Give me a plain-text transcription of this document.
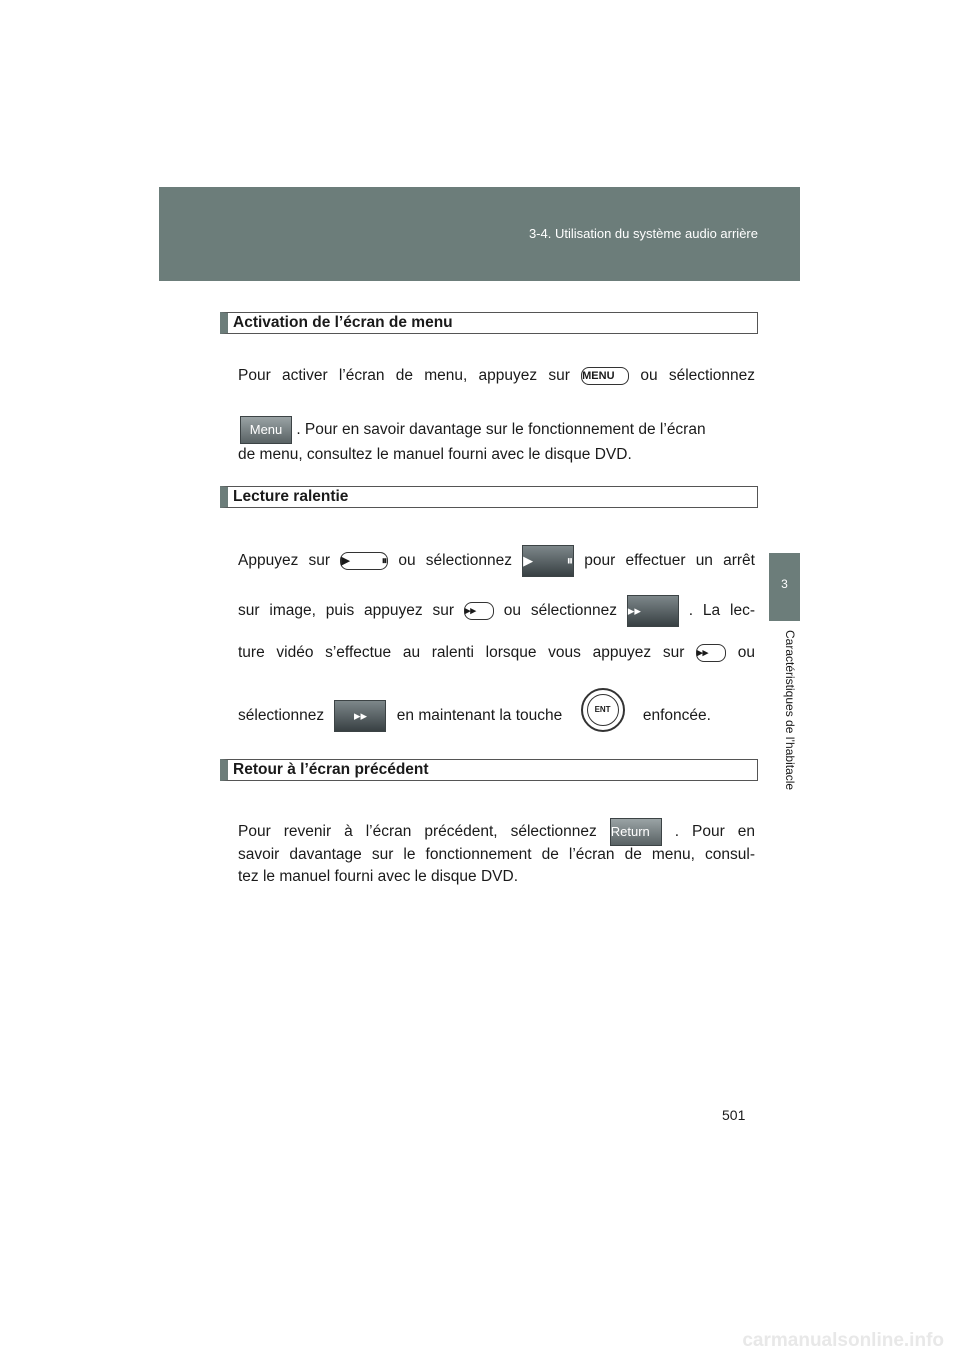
3-4. Utilisation du système audio arrière
3
Caractéristiques de l’habitacle
Activation de l’écran de menu
Pour activer l’écran de menu, appuyez sur MENU ou sélectionnez
Menu . Pour en savoir davantage sur le fonctionnement de l’écran
de menu, consultez le manuel fourni avec le disque DVD.
Lecture ralentie
Appuyez sur ▶⏸ ou sélectionnez ▶⏸ pour effectuer un arrêt
sur image, puis appuyez sur ▸▸ ou sélectionnez ▸▸	. La lec-
ture vidéo s’effectue au ralenti lorsque vous appuyez sur ▸▸ ou
sélectionnez ▸▸ en maintenant la touche	ENT	enfoncée.
Retour à l’écran précédent
Pour revenir à l’écran précédent, sélectionnez Return . Pour en
savoir davantage sur le fonctionnement de l’écran de menu, consul-
tez le manuel fourni avec le disque DVD.
501
carmanualsonline.info
